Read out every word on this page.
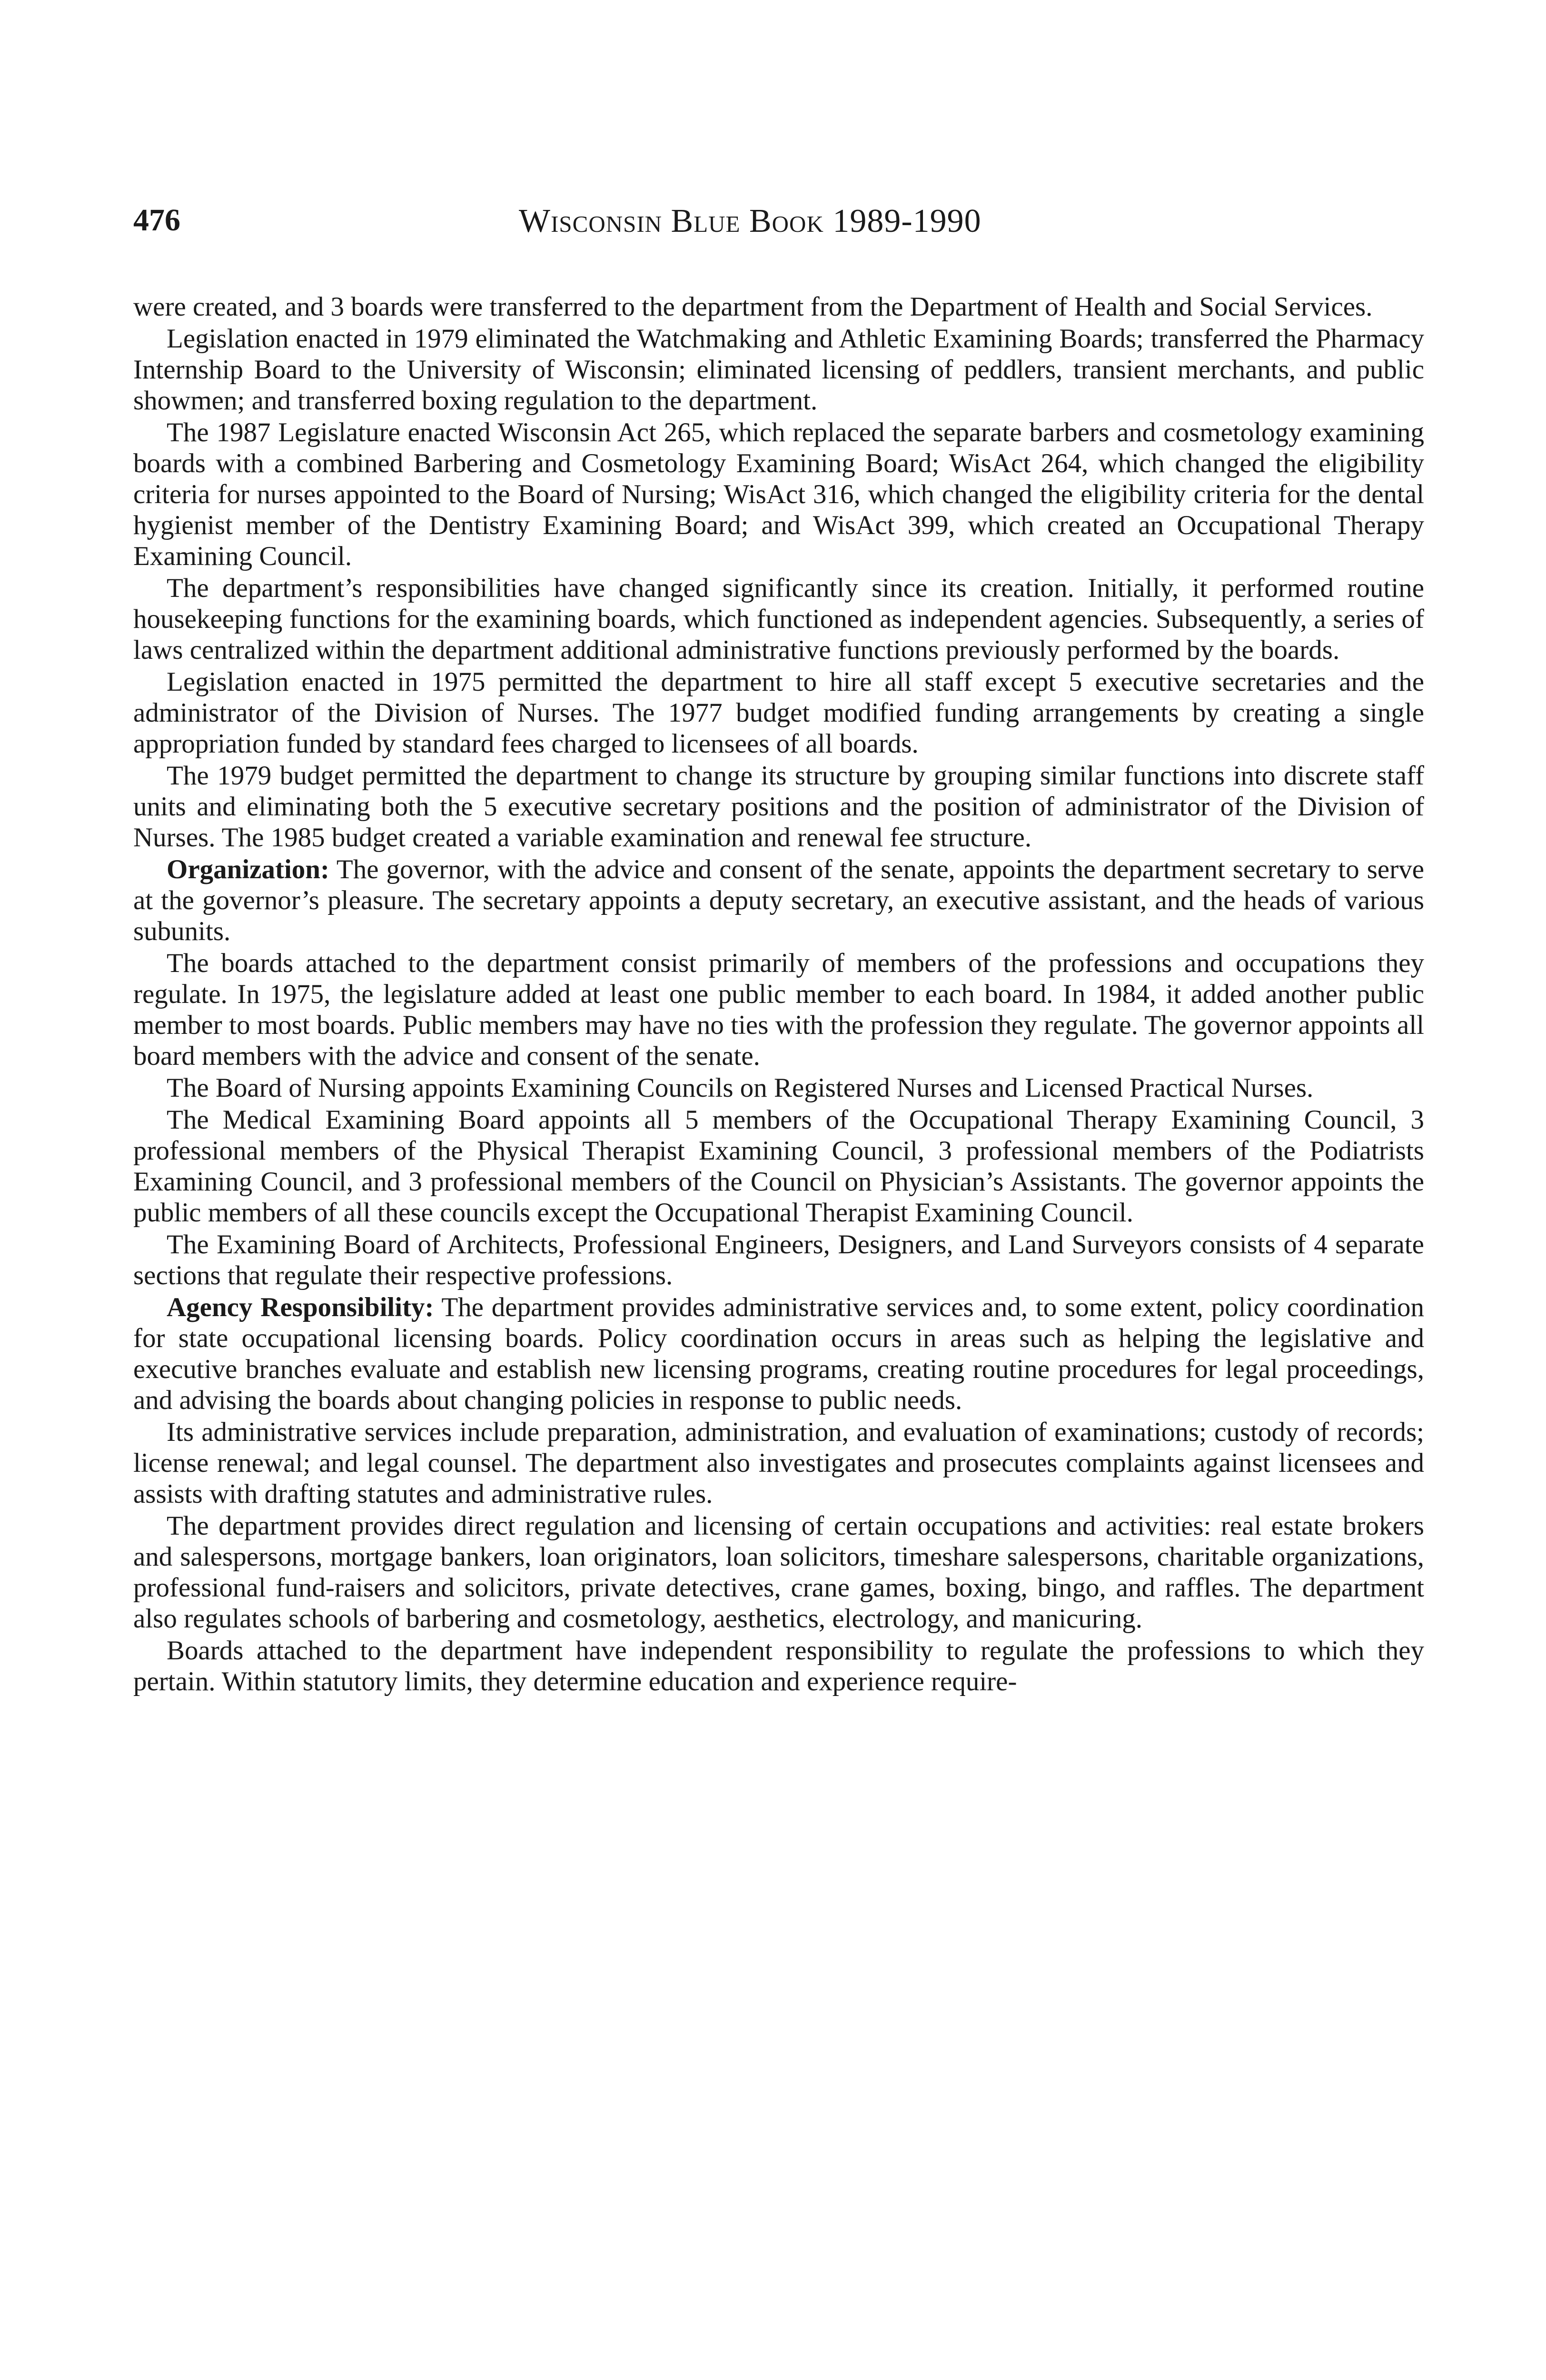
476	Wisconsin Blue Book 1989-1990

were created, and 3 boards were transferred to the department from the Department of Health and Social Services.

Legislation enacted in 1979 eliminated the Watchmaking and Athletic Examining Boards; transferred the Pharmacy Internship Board to the University of Wisconsin; eliminated licensing of peddlers, transient merchants, and public showmen; and transferred boxing regulation to the department.

The 1987 Legislature enacted Wisconsin Act 265, which replaced the separate barbers and cosmetology examining boards with a combined Barbering and Cosmetology Examining Board; WisAct 264, which changed the eligibility criteria for nurses appointed to the Board of Nursing; WisAct 316, which changed the eligibility criteria for the dental hygienist member of the Dentistry Examining Board; and WisAct 399, which created an Occupational Therapy Examining Council.

The department’s responsibilities have changed significantly since its creation. Initially, it performed routine housekeeping functions for the examining boards, which functioned as independent agencies. Subsequently, a series of laws centralized within the department additional administrative functions previously performed by the boards.

Legislation enacted in 1975 permitted the department to hire all staff except 5 executive secretaries and the administrator of the Division of Nurses. The 1977 budget modified funding arrangements by creating a single appropriation funded by standard fees charged to licensees of all boards.

The 1979 budget permitted the department to change its structure by grouping similar functions into discrete staff units and eliminating both the 5 executive secretary positions and the position of administrator of the Division of Nurses. The 1985 budget created a variable examination and renewal fee structure.

Organization: The governor, with the advice and consent of the senate, appoints the department secretary to serve at the governor’s pleasure. The secretary appoints a deputy secretary, an executive assistant, and the heads of various subunits.

The boards attached to the department consist primarily of members of the professions and occupations they regulate. In 1975, the legislature added at least one public member to each board. In 1984, it added another public member to most boards. Public members may have no ties with the profession they regulate. The governor appoints all board members with the advice and consent of the senate.

The Board of Nursing appoints Examining Councils on Registered Nurses and Licensed Practical Nurses.

The Medical Examining Board appoints all 5 members of the Occupational Therapy Examining Council, 3 professional members of the Physical Therapist Examining Council, 3 professional members of the Podiatrists Examining Council, and 3 professional members of the Council on Physician’s Assistants. The governor appoints the public members of all these councils except the Occupational Therapist Examining Council.

The Examining Board of Architects, Professional Engineers, Designers, and Land Surveyors consists of 4 separate sections that regulate their respective professions.

Agency Responsibility: The department provides administrative services and, to some extent, policy coordination for state occupational licensing boards. Policy coordination occurs in areas such as helping the legislative and executive branches evaluate and establish new licensing programs, creating routine procedures for legal proceedings, and advising the boards about changing policies in response to public needs.

Its administrative services include preparation, administration, and evaluation of examinations; custody of records; license renewal; and legal counsel. The department also investigates and prosecutes complaints against licensees and assists with drafting statutes and administrative rules.

The department provides direct regulation and licensing of certain occupations and activities: real estate brokers and salespersons, mortgage bankers, loan originators, loan solicitors, timeshare salespersons, charitable organizations, professional fund-raisers and solicitors, private detectives, crane games, boxing, bingo, and raffles. The department also regulates schools of barbering and cosmetology, aesthetics, electrology, and manicuring.

Boards attached to the department have independent responsibility to regulate the professions to which they pertain. Within statutory limits, they determine education and experience require-
